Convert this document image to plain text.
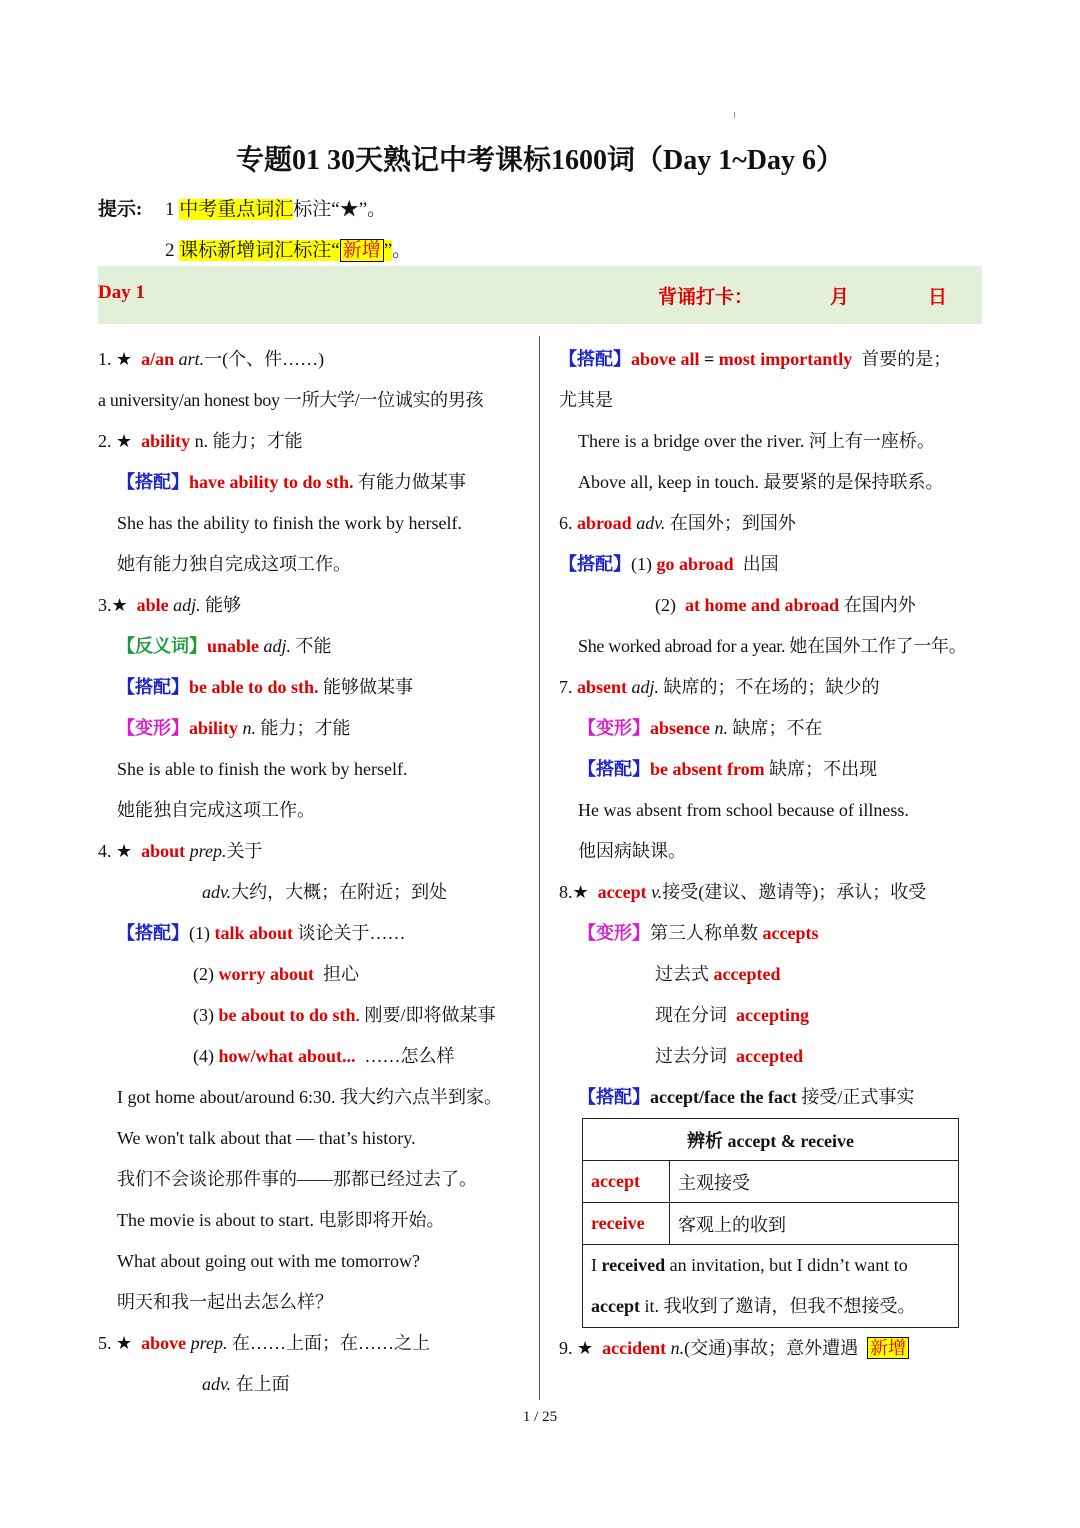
专题01 30天熟记中考课标1600词（Day 1~Day 6）
提示: 1 中考重点词汇标注“★”。
2 课标新增词汇标注“ 新增 ”。
Day 1	背诵打卡：	月	日
1. ★ a/an art.一(个、件……)
a university/an honest boy 一所大学/一位诚实的男孩
2. ★ ability n. 能力；才能
【搭配】have ability to do sth. 有能力做某事
She has the ability to finish the work by herself.
她有能力独自完成这项工作。
3.★ able adj. 能够
【反义词】unable adj. 不能
【搭配】be able to do sth. 能够做某事
【变形】ability n. 能力；才能
She is able to finish the work by herself.
她能独自完成这项工作。
4. ★ about prep.关于
adv.大约，大概；在附近；到处
【搭配】(1) talk about 谈论关于……
(2) worry about 担心
(3) be about to do sth. 刚要/即将做某事
(4) how/what about... ……怎么样
I got home about/around 6:30. 我大约六点半到家。
We won't talk about that — that’s history.
我们不会谈论那件事的——那都已经过去了。
The movie is about to start. 电影即将开始。
What about going out with me tomorrow?
明天和我一起出去怎么样？
5. ★ above prep. 在……上面；在……之上
adv. 在上面
【搭配】above all = most importantly 首要的是；
尤其是
There is a bridge over the river. 河上有一座桥。
Above all, keep in touch. 最要紧的是保持联系。
6. abroad adv. 在国外；到国外
【搭配】(1) go abroad 出国
(2) at home and abroad 在国内外
She worked abroad for a year. 她在国外工作了一年。
7. absent adj. 缺席的；不在场的；缺少的
【变形】absence n. 缺席；不在
【搭配】be absent from 缺席；不出现
He was absent from school because of illness.
他因病缺课。
8.★ accept v.接受(建议、邀请等)；承认；收受
【变形】第三人称单数 accepts
过去式 accepted
现在分词 accepting
过去分词 accepted
【搭配】accept/face the fact 接受/正式事实
辨析 accept & receive	
accept	主观接受
receive	客观上的收到

I received an invitation, but I didn’t want to
accept it. 我收到了邀请，但我不想接受。	
9. ★ accident n.(交通)事故；意外遭遇 新增
1 / 25
